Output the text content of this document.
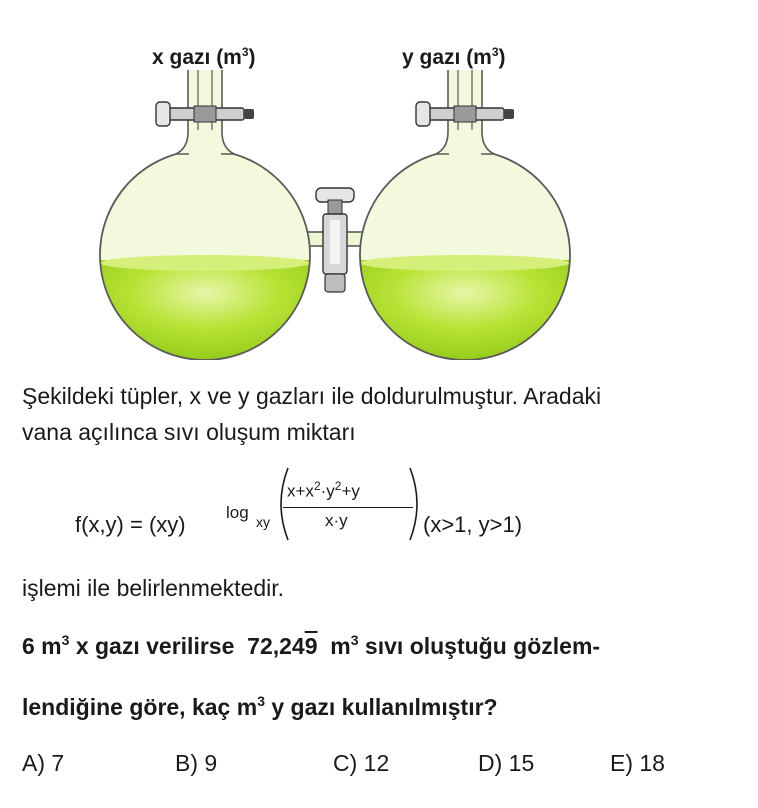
x gazı $(m^3)$	y gazı $(m^3)$
Şekildeki tüpler, x ve y gazları ile doldurulmuştur. Aradaki
vana açılınca sıvı oluşum miktarı
f(x,y) = (xy) log xy
$x+x^2\cdot y^2+y$
x·y	(x>1, y>1)
işlemi ile belirlenmektedir.
6 $m^3$ x gazı verilirse  72,249  $m^3$ sıvı oluştuğu gözlem-
lendiğine göre, kaç $m^3$ y gazı kullanılmıştır?
A) 7	B) 9	C) 12	D) 15	E) 18
